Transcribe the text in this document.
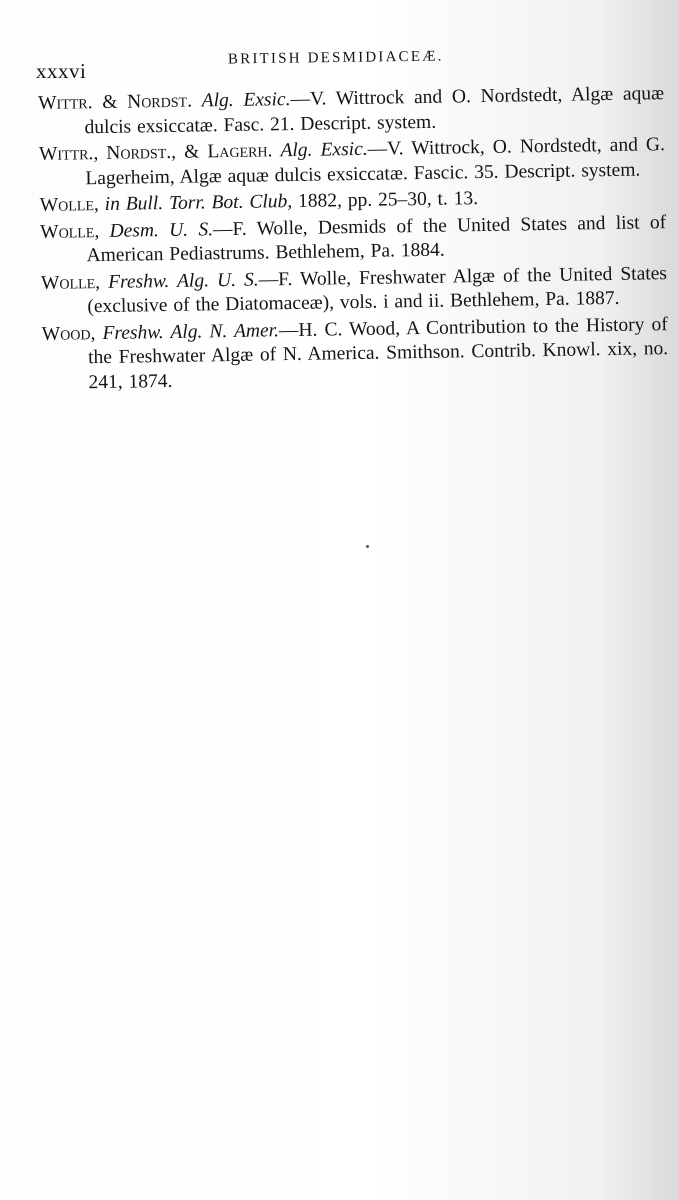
xxxvi
BRITISH DESMIDIACEÆ.

Wittr. & Nordst. Alg. Exsic.—V. Wittrock and O. Nordstedt, Algæ aquæ dulcis exsiccatæ. Fasc. 21. Descript. system.

Wittr., Nordst., & Lagerh. Alg. Exsic.—V. Wittrock, O. Nordstedt, and G. Lagerheim, Algæ aquæ dulcis exsiccatæ. Fascic. 35. Descript. system.

Wolle, in Bull. Torr. Bot. Club, 1882, pp. 25–30, t. 13.

Wolle, Desm. U. S.—F. Wolle, Desmids of the United States and list of American Pediastrums. Bethlehem, Pa. 1884.

Wolle, Freshw. Alg. U. S.—F. Wolle, Freshwater Algæ of the United States (exclusive of the Diatomaceæ), vols. i and ii. Bethlehem, Pa. 1887.

Wood, Freshw. Alg. N. Amer.—H. C. Wood, A Contribution to the History of the Freshwater Algæ of N. America. Smithson. Contrib. Knowl. xix, no. 241, 1874.
